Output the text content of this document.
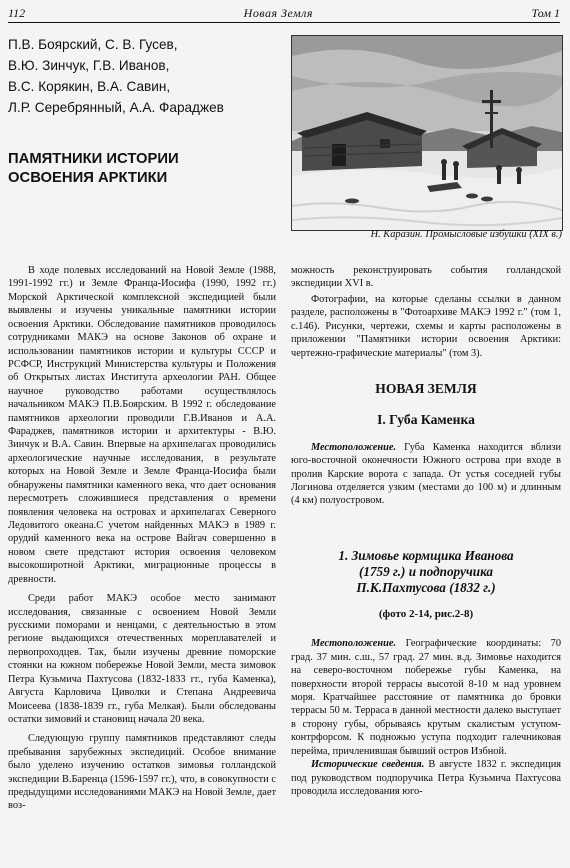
112	Новая Земля	Том 1
П.В. Боярский, С. В. Гусев,
В.Ю. Зинчук, Г.В. Иванов,
В.С. Корякин, В.А. Савин,
Л.Р. Серебрянный, А.А. Фараджев
ПАМЯТНИКИ ИСТОРИИ
ОСВОЕНИЯ АРКТИКИ
Н. Каразин. Промысловые избушки (XIX в.)

В ходе полевых исследований на Новой Земле (1988, 1991-1992 гг.) и Земле Франца-Иосифа (1990, 1992 гг.) Морской Арктической комплексной экспедицией были выявлены и изучены уникальные памятники истории освоения Арктики. Обследование памятников проводилось сотрудниками МАКЭ на основе Законов об охране и использовании памятников истории и культуры СССР и РСФСР, Инструкций Министерства культуры и Положения об Открытых листах Института археологии РАН. Общее научное руководство работами осуществлялось начальником МАКЭ П.В.Боярским. В 1992 г. обследование памятников археологии проводили Г.В.Иванов и А.А. Фараджев, памятников истории и архитектуры - В.Ю. Зинчук и В.А. Савин. Впервые на архипелагах проводились археологические научные исследования, в результате которых на Новой Земле и Земле Франца-Иосифа были обнаружены памятники каменного века, что дает основания пересмотреть сложившиеся представления о времени появления человека на островах и архипелагах Северного Ледовитого океана.С учетом найденных МАКЭ в 1989 г. орудий каменного века на острове Вайгач совершенно в новом свете предстают история освоения человеком высокоширотной Арктики, миграционные процессы в древности.

Среди работ МАКЭ особое место занимают исследования, связанные с освоением Новой Земли русскими поморами и ненцами, с деятельностью в этом регионе выдающихся отечественных мореплавателей и первопроходцев. Так, были изучены древние поморские стоянки на южном побережье Новой Земли, места зимовок Петра Кузьмича Пахтусова (1832-1833 гг., губа Каменка), Августа Карловича Циволки и Степана Андреевича Моисеева (1838-1839 гг., губа Мелкая). Были обследованы остатки зимовий и становищ начала 20 века.

Следующую группу памятников представляют следы пребывания зарубежных экспедиций. Особое внимание было уделено изучению остатков зимовья голландской экспедиции В.Баренца (1596-1597 гг.), что, в совокупности с предыдущими исследованиями МАКЭ на Новой Земле, дает воз-

можность реконструировать события голландской экспедиции XVI в.

Фотографии, на которые сделаны ссылки в данном разделе, расположены в "Фотоархиве МАКЭ 1992 г." (том 1, с.146). Рисунки, чертежи, схемы и карты расположены в приложении "Памятники истории освоения Арктики: чертежно-графические материалы" (том 3).

НОВАЯ ЗЕМЛЯ
I. Губа Каменка

Местоположение. Губа Каменка находится вблизи юго-восточной оконечности Южного острова при входе в пролив Карские ворота с запада. От устья соседней губы Логинова отделяется узким (местами до 100 м) и длинным (4 км) полуостровом.

1. Зимовье кормщика Иванова
(1759 г.) и подпоручика
П.К.Пахтусова (1832 г.)
(фото 2-14, рис.2-8)

Местоположение. Географические координаты: 70 град. 37 мин. с.ш., 57 град. 27 мин. в.д. Зимовье находится на северо-восточном побережье губы Каменка, на поверхности второй террасы высотой 8-10 м над уровнем моря. Кратчайшее расстояние от памятника до бровки террасы 50 м. Терраса в данной местности далеко выступает в сторону губы, обрываясь крутым скалистым уступом-контрфорсом. К подножью уступа подходит галечниковая перейма, причленившая бывший остров Избной.

Исторические сведения. В августе 1832 г. экспедиция под руководством подпоручика Петра Кузьмича Пахтусова проводила исследования юго-
